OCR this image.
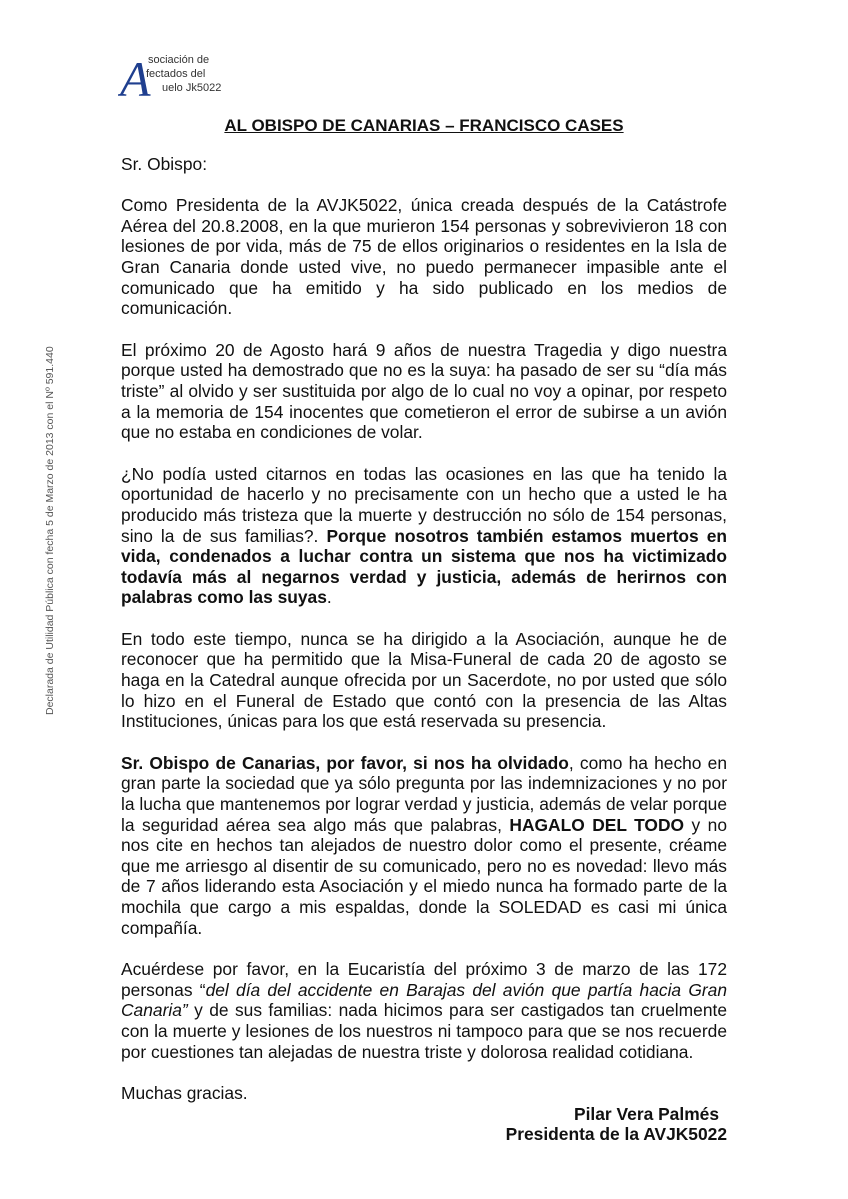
A
sociación de
fectados del
uelo Jk5022
Declarada de Utilidad Pública con fecha 5 de Marzo de 2013 con el Nº 591.440
AL OBISPO DE CANARIAS – FRANCISCO CASES
Sr. Obispo:

Como Presidenta de la AVJK5022, única creada después de la Catástrofe Aérea del 20.8.2008, en la que murieron 154 personas y sobrevivieron 18 con lesiones de por vida, más de 75 de ellos originarios o residentes en la Isla de Gran Canaria donde usted vive, no puedo permanecer impasible ante el comunicado que ha emitido y ha sido publicado en los medios de comunicación.

El próximo 20 de Agosto hará 9 años de nuestra Tragedia y digo nuestra porque usted ha demostrado que no es la suya: ha pasado de ser su “día más triste” al olvido y ser sustituida por algo de lo cual no voy a opinar, por respeto a la memoria de 154 inocentes que cometieron el error de subirse a un avión que no estaba en condiciones de volar.

¿No podía usted citarnos en todas las ocasiones en las que ha tenido la oportunidad de hacerlo y no precisamente con un hecho que a usted le ha producido más tristeza que la muerte y destrucción no sólo de 154 personas, sino la de sus familias?. Porque nosotros también estamos muertos en vida, condenados a luchar contra un sistema que nos ha victimizado todavía más al negarnos verdad y justicia, además de herirnos con palabras como las suyas.

En todo este tiempo, nunca se ha dirigido a la Asociación, aunque he de reconocer que ha permitido que la Misa-Funeral de cada 20 de agosto se haga en la Catedral aunque ofrecida por un Sacerdote, no por usted que sólo lo hizo en el Funeral de Estado que contó con la presencia de las Altas Instituciones, únicas para los que está reservada su presencia.

Sr. Obispo de Canarias, por favor, si nos ha olvidado, como ha hecho en gran parte la sociedad que ya sólo pregunta por las indemnizaciones y no por la lucha que mantenemos por lograr verdad y justicia, además de velar porque la seguridad aérea sea algo más que palabras, HAGALO DEL TODO y no nos cite en hechos tan alejados de nuestro dolor como el presente, créame que me arriesgo al disentir de su comunicado, pero no es novedad: llevo más de 7 años liderando esta Asociación y el miedo nunca ha formado parte de la mochila que cargo a mis espaldas, donde la SOLEDAD es casi mi única compañía.

Acuérdese por favor, en la Eucaristía del próximo 3 de marzo de las 172 personas “del día del accidente en Barajas del avión que partía hacia Gran Canaria” y de sus familias: nada hicimos para ser castigados tan cruelmente con la muerte y lesiones de los nuestros ni tampoco para que se nos recuerde por cuestiones tan alejadas de nuestra triste y dolorosa realidad cotidiana.

Muchas gracias.
Pilar Vera Palmés
Presidenta de la AVJK5022
